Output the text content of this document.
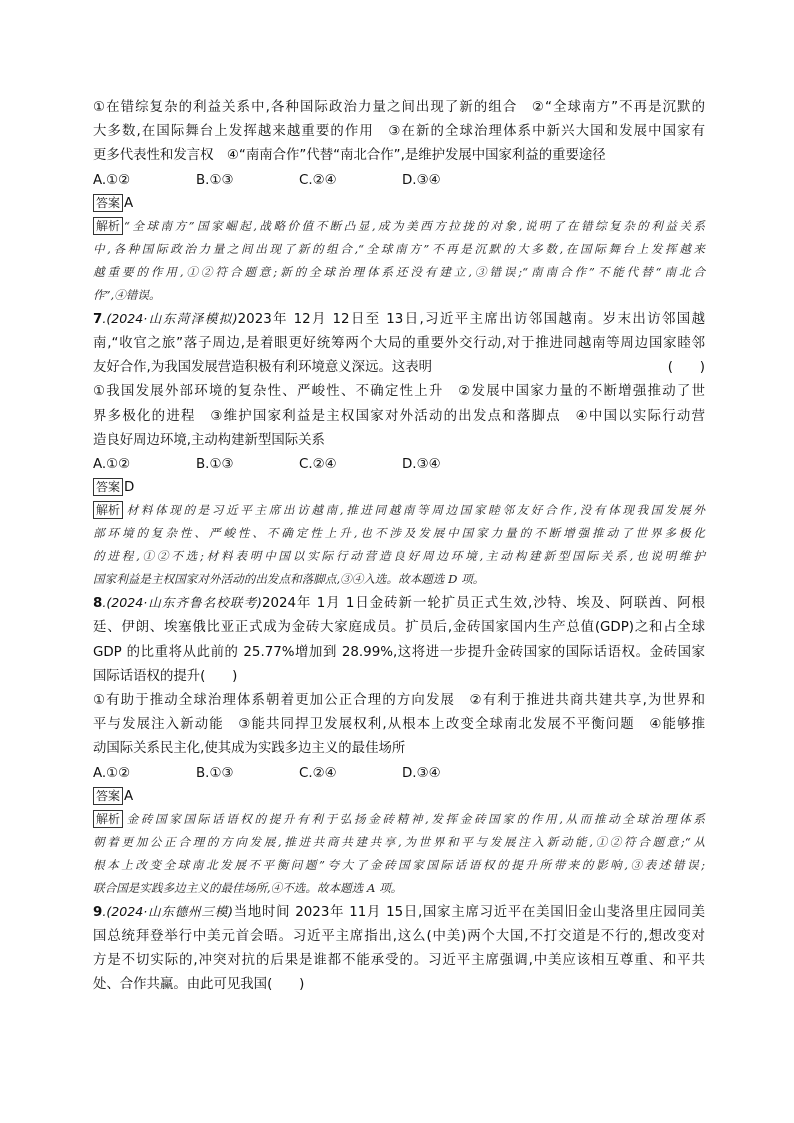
①在错综复杂的利益关系中,各种国际政治力量之间出现了新的组合　②“全球南方”不再是沉默的
大多数,在国际舞台上发挥越来越重要的作用　③在新的全球治理体系中新兴大国和发展中国家有
更多代表性和发言权　④“南南合作”代替“南北合作”,是维护发展中国家利益的重要途径
A.①②	B.①③	C.②④	D.③④
答案 A
解析 “全球南方”国家崛起,战略价值不断凸显,成为美西方拉拢的对象,说明了在错综复杂的利益关系
中,各种国际政治力量之间出现了新的组合,“全球南方”不再是沉默的大多数,在国际舞台上发挥越来
越重要的作用,①②符合题意;新的全球治理体系还没有建立,③错误;“南南合作”不能代替“南北合
作”,④错误。
7.(2024·山东菏泽模拟)2023年 12月 12日至 13日,习近平主席出访邻国越南。岁末出访邻国越
南,“收官之旅”落子周边,是着眼更好统筹两个大局的重要外交行动,对于推进同越南等周边国家睦邻
友好合作,为我国发展营造积极有利环境意义深远。这表明	(　　)
①我国发展外部环境的复杂性、严峻性、不确定性上升　②发展中国家力量的不断增强推动了世
界多极化的进程　③维护国家利益是主权国家对外活动的出发点和落脚点　④中国以实际行动营
造良好周边环境,主动构建新型国际关系
A.①②	B.①③	C.②④	D.③④
答案 D
解析 材料体现的是习近平主席出访越南,推进同越南等周边国家睦邻友好合作,没有体现我国发展外
部环境的复杂性、严峻性、不确定性上升,也不涉及发展中国家力量的不断增强推动了世界多极化
的进程,①②不选;材料表明中国以实际行动营造良好周边环境,主动构建新型国际关系,也说明维护
国家利益是主权国家对外活动的出发点和落脚点,③④入选。故本题选 D 项。
8.(2024·山东齐鲁名校联考)2024年 1月 1日金砖新一轮扩员正式生效,沙特、埃及、阿联酋、阿根
廷、伊朗、埃塞俄比亚正式成为金砖大家庭成员。扩员后,金砖国家国内生产总值(GDP)之和占全球
GDP 的比重将从此前的 25.77%增加到 28.99%,这将进一步提升金砖国家的国际话语权。金砖国家
国际话语权的提升(　　)
①有助于推动全球治理体系朝着更加公正合理的方向发展　②有利于推进共商共建共享,为世界和
平与发展注入新动能　③能共同捍卫发展权利,从根本上改变全球南北发展不平衡问题　④能够推
动国际关系民主化,使其成为实践多边主义的最佳场所
A.①②	B.①③	C.②④	D.③④
答案 A
解析 金砖国家国际话语权的提升有利于弘扬金砖精神,发挥金砖国家的作用,从而推动全球治理体系
朝着更加公正合理的方向发展,推进共商共建共享,为世界和平与发展注入新动能,①②符合题意;“从
根本上改变全球南北发展不平衡问题”夸大了金砖国家国际话语权的提升所带来的影响,③表述错误;
联合国是实践多边主义的最佳场所,④不选。故本题选 A 项。
9.(2024·山东德州三模)当地时间 2023年 11月 15日,国家主席习近平在美国旧金山斐洛里庄园同美
国总统拜登举行中美元首会晤。习近平主席指出,这么(中美)两个大国,不打交道是不行的,想改变对
方是不切实际的,冲突对抗的后果是谁都不能承受的。习近平主席强调,中美应该相互尊重、和平共
处、合作共赢。由此可见我国(　　)
